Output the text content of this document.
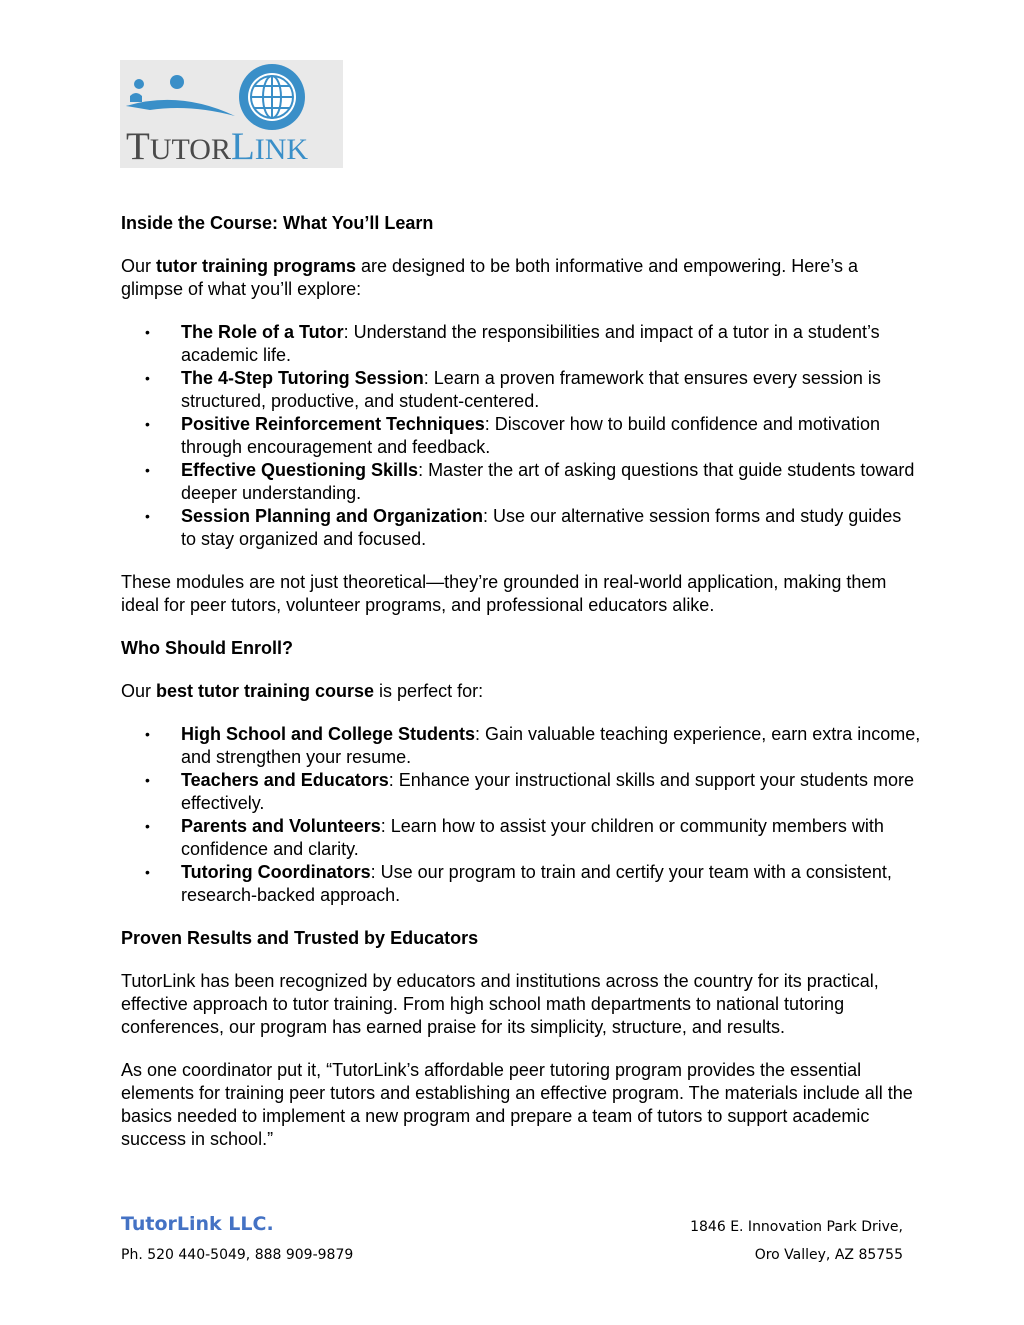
TUTORLINK
Inside the Course: What You’ll Learn

Our tutor training programs are designed to be both informative and empowering. Here’s a glimpse of what you’ll explore:

• The Role of a Tutor: Understand the responsibilities and impact of a tutor in a student’s academic life.
• The 4-Step Tutoring Session: Learn a proven framework that ensures every session is structured, productive, and student-centered.
• Positive Reinforcement Techniques: Discover how to build confidence and motivation through encouragement and feedback.
• Effective Questioning Skills: Master the art of asking questions that guide students toward deeper understanding.
• Session Planning and Organization: Use our alternative session forms and study guides to stay organized and focused.

These modules are not just theoretical—they’re grounded in real-world application, making them ideal for peer tutors, volunteer programs, and professional educators alike.

Who Should Enroll?

Our best tutor training course is perfect for:

• High School and College Students: Gain valuable teaching experience, earn extra income, and strengthen your resume.
• Teachers and Educators: Enhance your instructional skills and support your students more effectively.
• Parents and Volunteers: Learn how to assist your children or community members with confidence and clarity.
• Tutoring Coordinators: Use our program to train and certify your team with a consistent, research-backed approach.
Proven Results and Trusted by Educators

TutorLink has been recognized by educators and institutions across the country for its practical, effective approach to tutor training. From high school math departments to national tutoring conferences, our program has earned praise for its simplicity, structure, and results.

As one coordinator put it, “TutorLink’s affordable peer tutoring program provides the essential elements for training peer tutors and establishing an effective program. The materials include all the basics needed to implement a new program and prepare a team of tutors to support academic success in school.”

TutorLink LLC.	1846 E. Innovation Park Drive,
Ph. 520 440-5049, 888 909-9879	Oro Valley, AZ 85755
